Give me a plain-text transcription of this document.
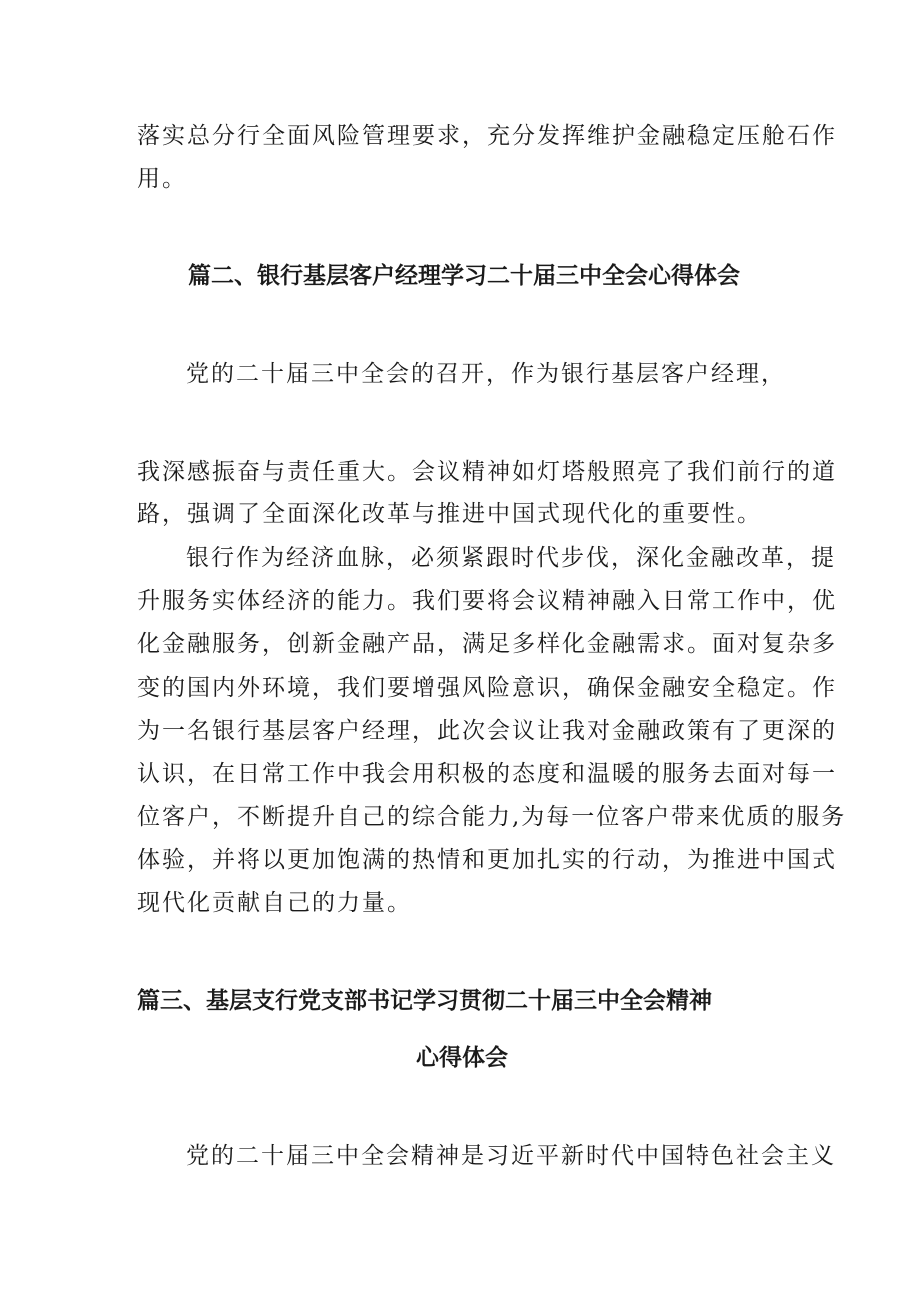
落实总分行全面风险管理要求，充分发挥维护金融稳定压舱石作
用。
篇二、银行基层客户经理学习二十届三中全会心得体会
党的二十届三中全会的召开，作为银行基层客户经理，
我深感振奋与责任重大。会议精神如灯塔般照亮了我们前行的道
路，强调了全面深化改革与推进中国式现代化的重要性。
银行作为经济血脉，必须紧跟时代步伐，深化金融改革，提
升服务实体经济的能力。我们要将会议精神融入日常工作中，优
化金融服务，创新金融产品，满足多样化金融需求。面对复杂多
变的国内外环境，我们要增强风险意识，确保金融安全稳定。作
为一名银行基层客户经理，此次会议让我对金融政策有了更深的
认识，在日常工作中我会用积极的态度和温暖的服务去面对每一
位客户，不断提升自己的综合能力,为每一位客户带来优质的服务
体验，并将以更加饱满的热情和更加扎实的行动，为推进中国式
现代化贡献自己的力量。
篇三、基层支行党支部书记学习贯彻二十届三中全会精神
心得体会
党的二十届三中全会精神是习近平新时代中国特色社会主义
